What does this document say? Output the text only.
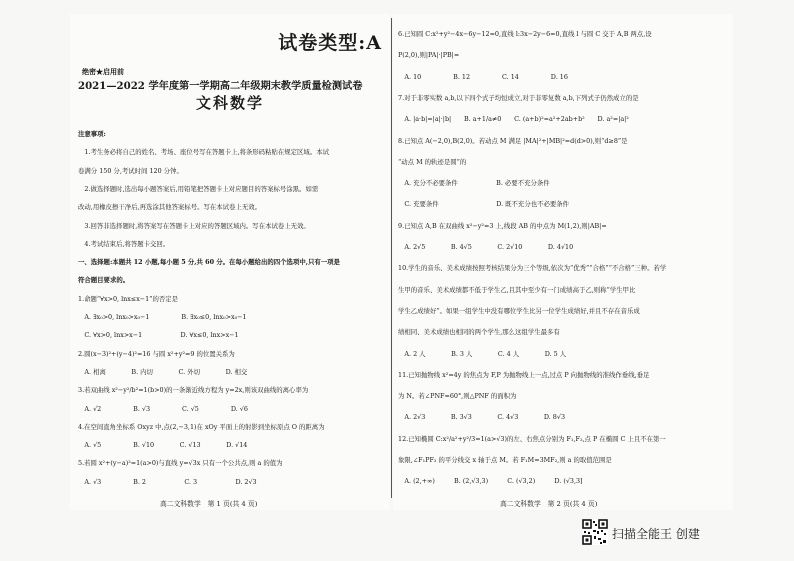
试卷类型:A
绝密★启用前
2021—2022 学年度第一学期高二年级期末教学质量检测试卷
文科数学
注意事项:
　1.考生务必将自己的姓名、考场、座位号写在答题卡上,将条形码粘贴在规定区域。本试
卷满分 150 分,考试时间 120 分钟。
　2.做选择题时,选出每小题答案后,用铅笔把答题卡上对应题目的答案标号涂黑。如需
改动,用橡皮擦干净后,再选涂其他答案标号。写在本试卷上无效。
　3.回答非选择题时,将答案写在答题卡上对应的答题区域内。写在本试卷上无效。
　4.考试结束后,将答题卡交回。
一、选择题:本题共 12 小题,每小题 5 分,共 60 分。在每小题给出的四个选项中,只有一项是
符合题目要求的。
1.命题“∀x>0, lnx≤x−1”的否定是
　A. ∃x₀>0, lnx₀>x₀−1　　　　　B. ∃x₀≤0, lnx₀>x₀−1
　C. ∀x>0, lnx>x−1　　　　　　D. ∀x≤0, lnx>x−1
2.圆(x−3)²+(y−4)²=16 与圆 x²+y²=9 的位置关系为
　A. 相离　　　　B. 内切　　　　C. 外切　　　　D. 相交
3.若双曲线 x²−y²/b²=1(b>0)的一条渐近线方程为 y=2x,则该双曲线的离心率为
　A. √2　　　　　B. √3　　　　　C. √5　　　　　D. √6
4.在空间直角坐标系 Oxyz 中,点(2,−3,1)在 xOy 平面上的射影到坐标原点 O 的距离为
　A. √5　　　　　B. √10　　　　C. √13　　　　D. √14
5.若圆 x²+(y−a)²=1(a>0)与直线 y=√3x 只有一个公共点,则 a 的值为
　A. √3　　　　　B. 2　　　　　　C. 3　　　　　　D. 2√3
6.已知圆 C:x²+y²−4x−6y−12=0,直线 l:3x−2y−6=0,直线 l 与圆 C 交于 A,B 两点,设
P(2,0),则|PA|·|PB|=
　A. 10　　　　　B. 12　　　　　C. 14　　　　　D. 16
7.对于非零实数 a,b,以下四个式子均恒成立,对于非零复数 a,b,下列式子仍然成立的是
　A. |a·b|=|a|·|b|　　B. a+1/a≠0　　C. (a+b)²=a²+2ab+b²　　D. a²=|a|²
8.已知点 A(−2,0),B(2,0)。若动点 M 满足 |MA|²+|MB|²=d(d>0),则“d≥8”是
“动点 M 的轨迹是圆”的
　A. 充分不必要条件　　　　　　B. 必要不充分条件
　C. 充要条件　　　　　　　　　D. 既不充分也不必要条件
9.已知点 A,B 在双曲线 x²−y²=3 上,线段 AB 的中点为 M(1,2),则|AB|=
　A. 2√5　　　　B. 4√5　　　　C. 2√10　　　　D. 4√10
10.学生的音乐、美术成绩按照考核结果分为三个等级,依次为“优秀”“合格”“不合格”三种。若学
生甲的音乐、美术成绩都不低于学生乙,且其中至少有一门成绩高于乙,则称“学生甲比
学生乙成绩好”。如果一组学生中没有哪位学生比另一位学生成绩好,并且不存在音乐成
绩相同、美术成绩也相同的两个学生,那么这组学生最多有
　A. 2 人　　　　B. 3 人　　　　C. 4 人　　　　D. 5 人
11.已知抛物线 x²=4y 的焦点为 F,P 为抛物线上一点,过点 P 向抛物线的准线作垂线,垂足
为 N。若∠PNF=60°,则△PNF 的面积为
　A. 2√3　　　　B. 3√3　　　　C. 4√3　　　　D. 8√3
12.已知椭圆 C:x²/a²+y²/3=1(a>√3)的左、右焦点分别为 F₁,F₂,点 P 在椭圆 C 上且不在第一
象限,∠F₁PF₂ 的平分线交 x 轴于点 M。若 F₁M=3MF₂,则 a 的取值范围是
　A. (2,+∞)　　　B. (2,√3,3)　　　C. (√3,2)　　　D. (√3,3]
高二文科数学　第 1 页(共 4 页)	高二文科数学　第 2 页(共 4 页)
扫描全能王 创建
